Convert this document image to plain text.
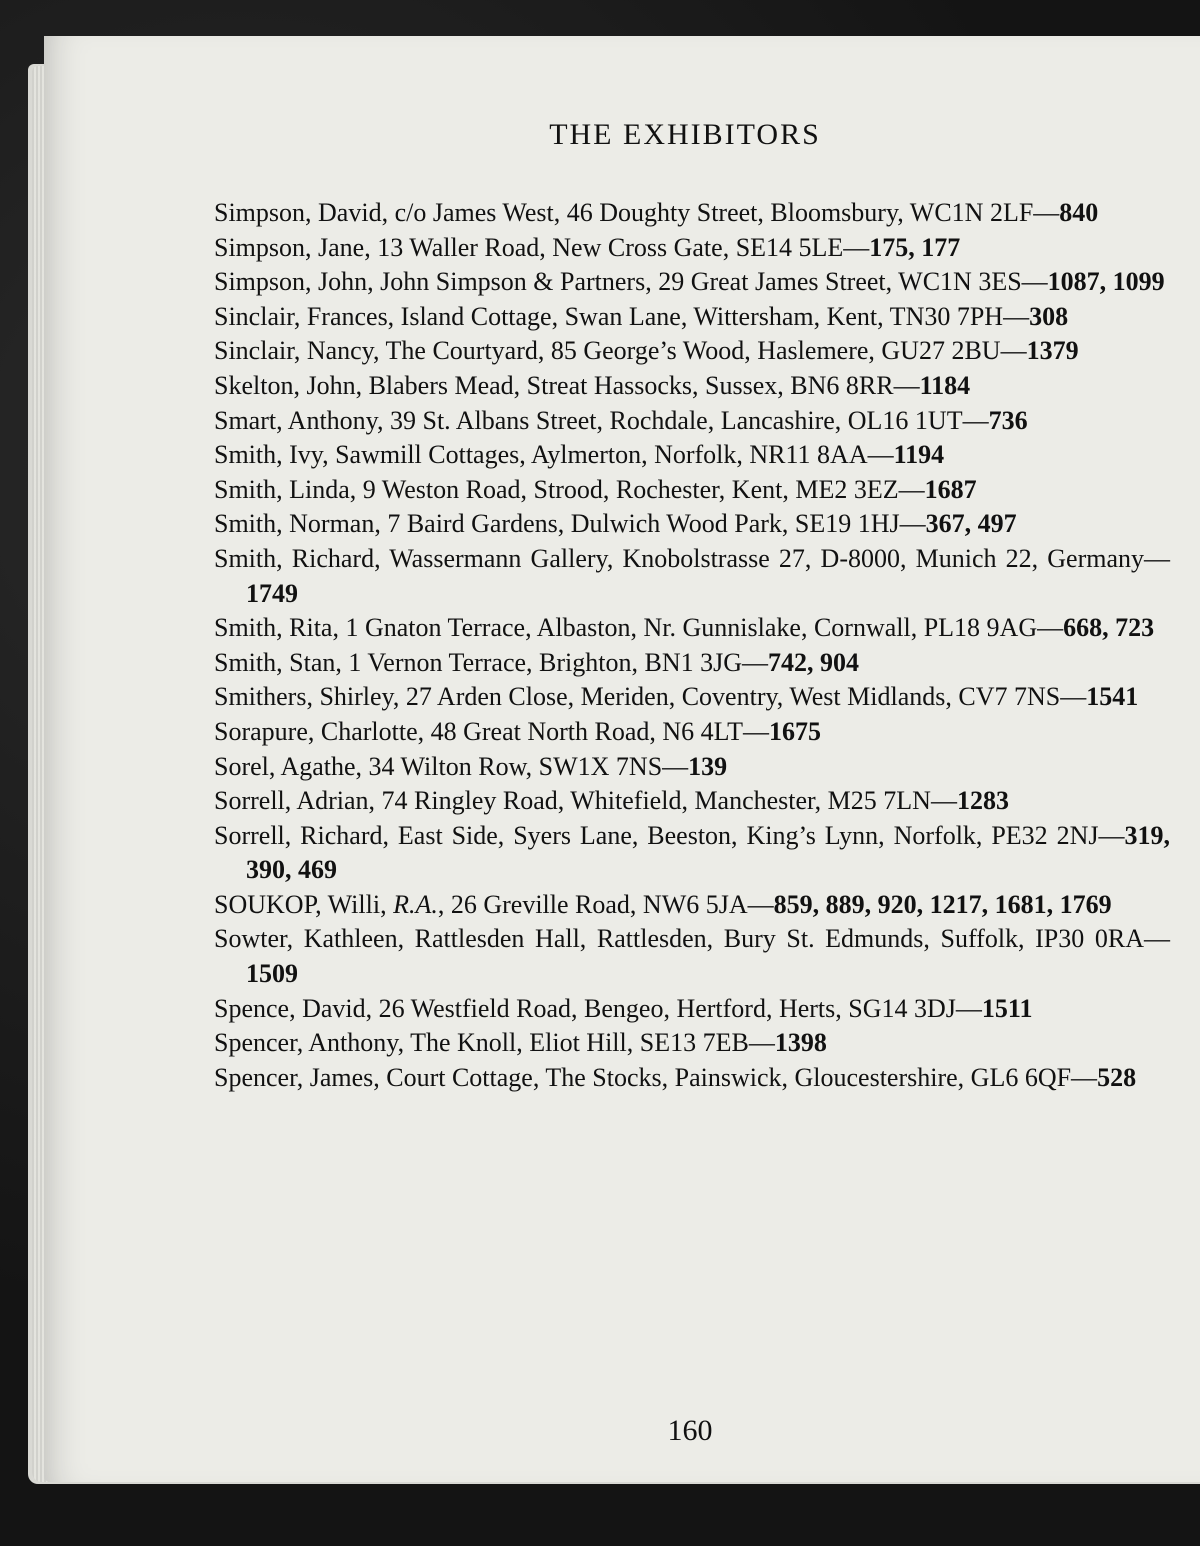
THE EXHIBITORS

Simpson, David, c/o James West, 46 Doughty Street, Bloomsbury, WC1N 2LF—840

Simpson, Jane, 13 Waller Road, New Cross Gate, SE14 5LE—175, 177

Simpson, John, John Simpson & Partners, 29 Great James Street, WC1N 3ES—1087, 1099

Sinclair, Frances, Island Cottage, Swan Lane, Wittersham, Kent, TN30 7PH—308

Sinclair, Nancy, The Courtyard, 85 George’s Wood, Haslemere, GU27 2BU—1379

Skelton, John, Blabers Mead, Streat Hassocks, Sussex, BN6 8RR—1184

Smart, Anthony, 39 St. Albans Street, Rochdale, Lancashire, OL16 1UT—736

Smith, Ivy, Sawmill Cottages, Aylmerton, Norfolk, NR11 8AA—1194

Smith, Linda, 9 Weston Road, Strood, Rochester, Kent, ME2 3EZ—1687

Smith, Norman, 7 Baird Gardens, Dulwich Wood Park, SE19 1HJ—367, 497

Smith, Richard, Wassermann Gallery, Knobolstrasse 27, D-8000, Munich 22, Germany—1749

Smith, Rita, 1 Gnaton Terrace, Albaston, Nr. Gunnislake, Cornwall, PL18 9AG—668, 723

Smith, Stan, 1 Vernon Terrace, Brighton, BN1 3JG—742, 904

Smithers, Shirley, 27 Arden Close, Meriden, Coventry, West Midlands, CV7 7NS—1541

Sorapure, Charlotte, 48 Great North Road, N6 4LT—1675

Sorel, Agathe, 34 Wilton Row, SW1X 7NS—139

Sorrell, Adrian, 74 Ringley Road, Whitefield, Manchester, M25 7LN—1283

Sorrell, Richard, East Side, Syers Lane, Beeston, King’s Lynn, Norfolk, PE32 2NJ—319, 390, 469

SOUKOP, Willi, R.A., 26 Greville Road, NW6 5JA—859, 889, 920, 1217, 1681, 1769

Sowter, Kathleen, Rattlesden Hall, Rattlesden, Bury St. Edmunds, Suffolk, IP30 0RA—1509

Spence, David, 26 Westfield Road, Bengeo, Hertford, Herts, SG14 3DJ—1511

Spencer, Anthony, The Knoll, Eliot Hill, SE13 7EB—1398

Spencer, James, Court Cottage, The Stocks, Painswick, Gloucestershire, GL6 6QF—528

160
